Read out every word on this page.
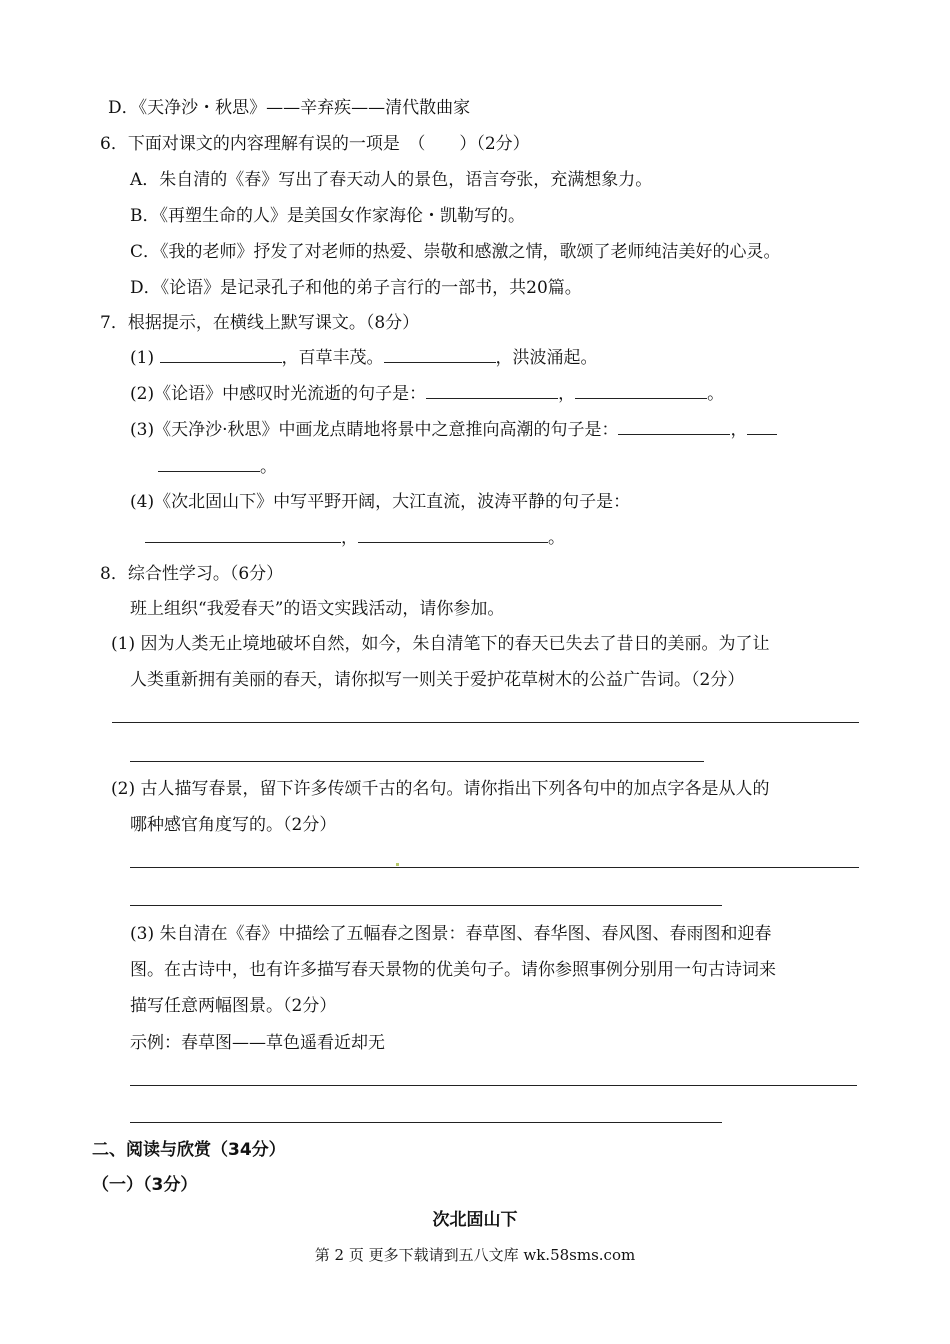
D．《天净沙・秋思》——辛弃疾——清代散曲家
6．下面对课文的内容理解有误的一项是　（　　）（2分）
A．朱自清的《春》写出了春天动人的景色，语言夸张，充满想象力。
B．《再塑生命的人》是美国女作家海伦・凯勒写的。
C．《我的老师》抒发了对老师的热爱、崇敬和感激之情，歌颂了老师纯洁美好的心灵。
D．《论语》是记录孔子和他的弟子言行的一部书，共20篇。
7．根据提示，在横线上默写课文。（8分）
(1)	，百草丰茂。	，洪波涌起。
(2)《论语》中感叹时光流逝的句子是：	，	。
(3)《天净沙·秋思》中画龙点睛地将景中之意推向高潮的句子是：	，
。
(4)《次北固山下》中写平野开阔，大江直流，波涛平静的句子是：
，	。
8．综合性学习。（6分）
班上组织“我爱春天”的语文实践活动，请你参加。
(1) 因为人类无止境地破坏自然，如今，朱自清笔下的春天已失去了昔日的美丽。为了让
人类重新拥有美丽的春天，请你拟写一则关于爱护花草树木的公益广告词。（2分）
(2) 古人描写春景，留下许多传颂千古的名句。请你指出下列各句中的加点字各是从人的
哪种感官角度写的。（2分）
(3) 朱自清在《春》中描绘了五幅春之图景：春草图、春华图、春风图、春雨图和迎春
图。在古诗中，也有许多描写春天景物的优美句子。请你参照事例分别用一句古诗词来
描写任意两幅图景。（2分）
示例：春草图——草色遥看近却无
二、阅读与欣赏（34分）
（一）（3分）
次北固山下
第 2 页 更多下载请到五八文库 wk.58sms.com
